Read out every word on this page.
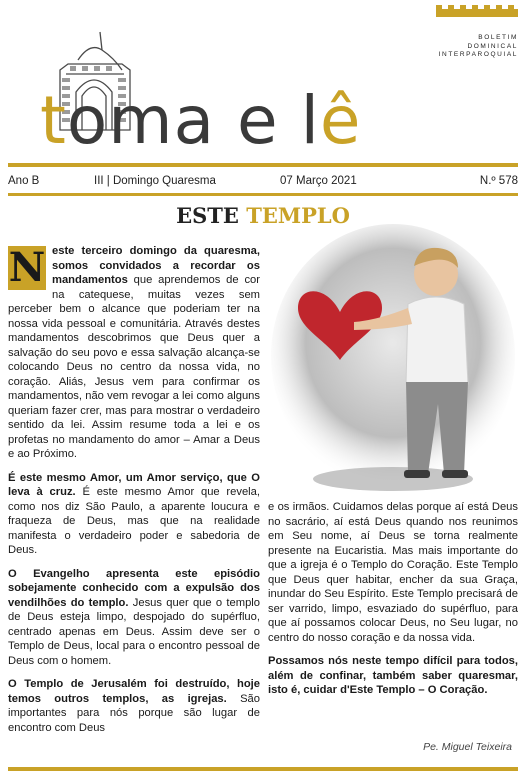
BOLETIM
DOMINICAL
INTERPAROQUIAL
toma e lê
Ano B	III | Domingo Quaresma	07 Março 2021	N.º 578
ESTE TEMPLO

N este terceiro domingo da quaresma, somos convidados a recordar os mandamentos que aprendemos de cor na catequese, muitas vezes sem perceber bem o alcance que poderiam ter na nossa vida pessoal e comunitária. Através destes mandamentos descobrimos que Deus quer a salvação do seu povo e essa salvação alcança-se colocando Deus no centro da nossa vida, no coração. Aliás, Jesus vem para confirmar os mandamentos, não vem revogar a lei como alguns queriam fazer crer, mas para mostrar o verdadeiro sentido da lei. Assim resume toda a lei e os profetas no mandamento do amor – Amar a Deus e ao Próximo.

É este mesmo Amor, um Amor serviço, que O leva à cruz. É este mesmo Amor que revela, como nos diz São Paulo, a aparente loucura e fraqueza de Deus, mas que na realidade manifesta o verdadeiro poder e sabedoria de Deus.

O Evangelho apresenta este episódio sobejamente conhecido com a expulsão dos vendilhões do templo. Jesus quer que o templo de Deus esteja limpo, despojado do supérfluo, centrado apenas em Deus. Assim deve ser o Templo de Deus, local para o encontro pessoal de Deus com o homem.

O Templo de Jerusalém foi destruído, hoje temos outros templos, as igrejas. São importantes para nós porque são lugar de encontro com Deus

e os irmãos. Cuidamos delas porque aí está Deus no sacrário, aí está Deus quando nos reunimos em Seu nome, aí Deus se torna realmente presente na Eucaristia. Mas mais importante do que a igreja é o Templo do Coração. Este Templo que Deus quer habitar, encher da sua Graça, inundar do Seu Espírito. Este Templo precisará de ser varrido, limpo, esvaziado do supérfluo, para que aí possamos colocar Deus, no Seu lugar, no centro do nosso coração e da nossa vida.

Possamos nós neste tempo difícil para todos, além de confinar, também saber quaresmar, isto é, cuidar d'Este Templo – O Coração.

Pe. Miguel Teixeira
